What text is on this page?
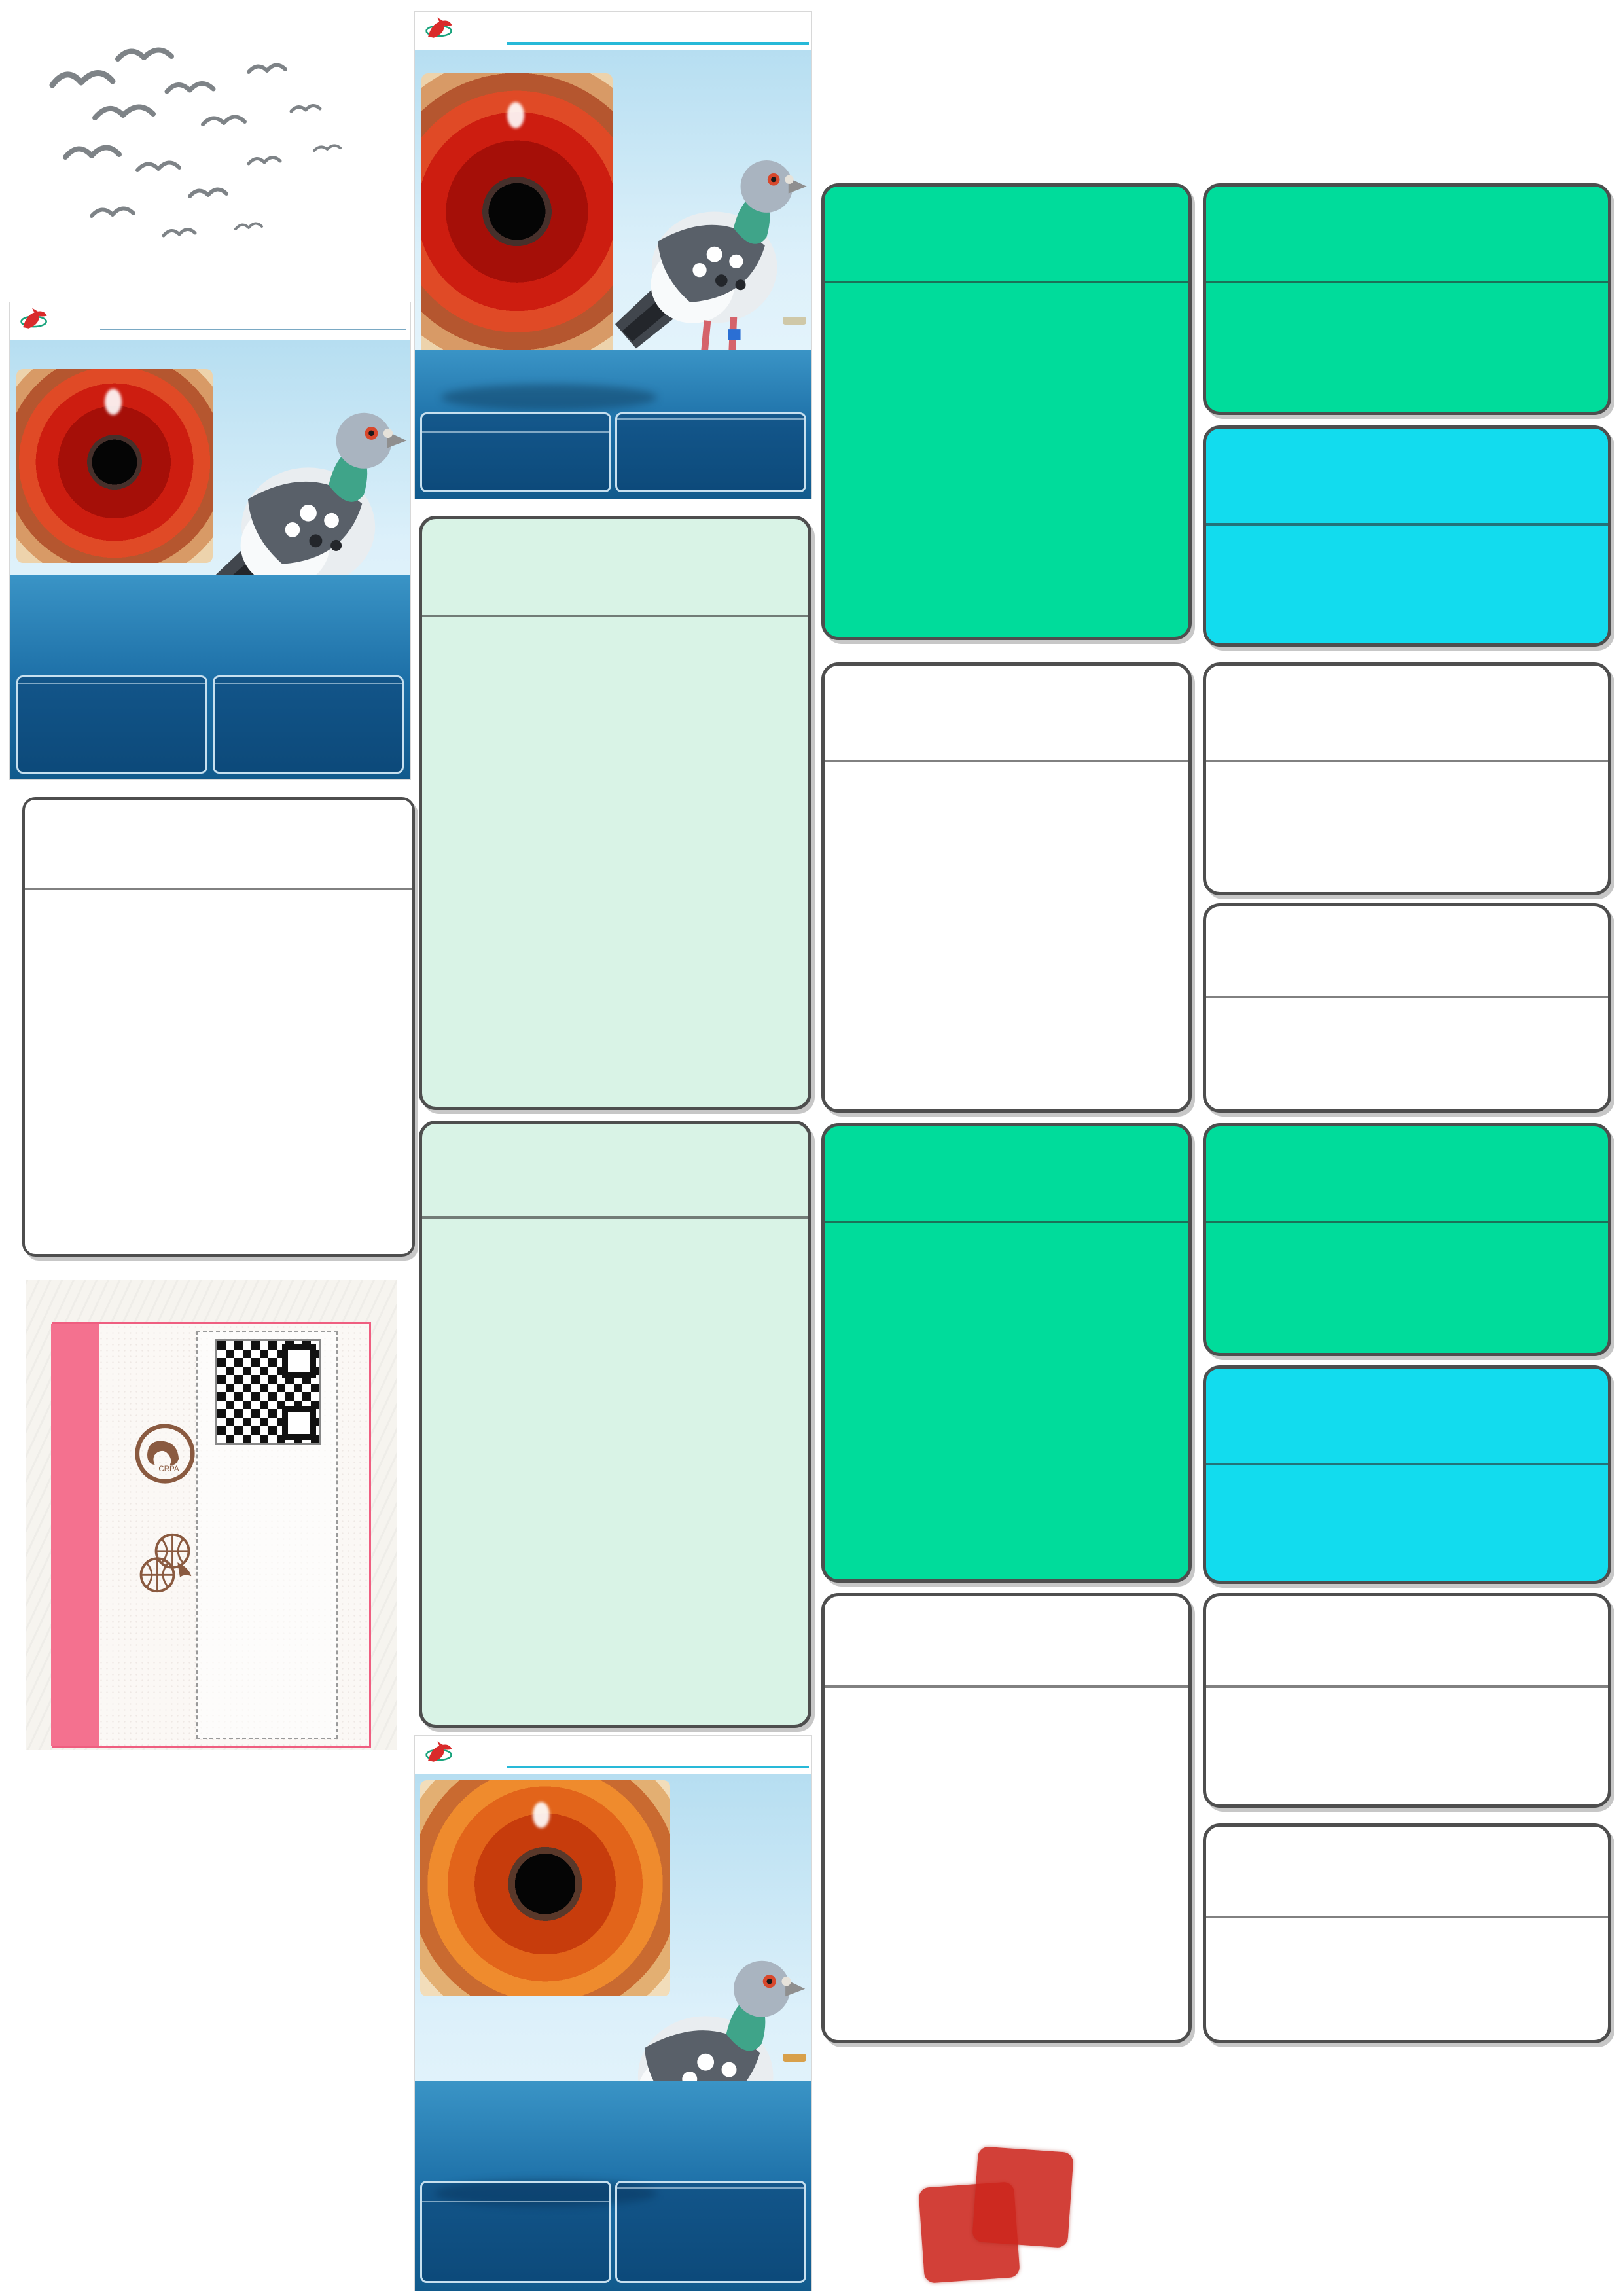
CRPA
